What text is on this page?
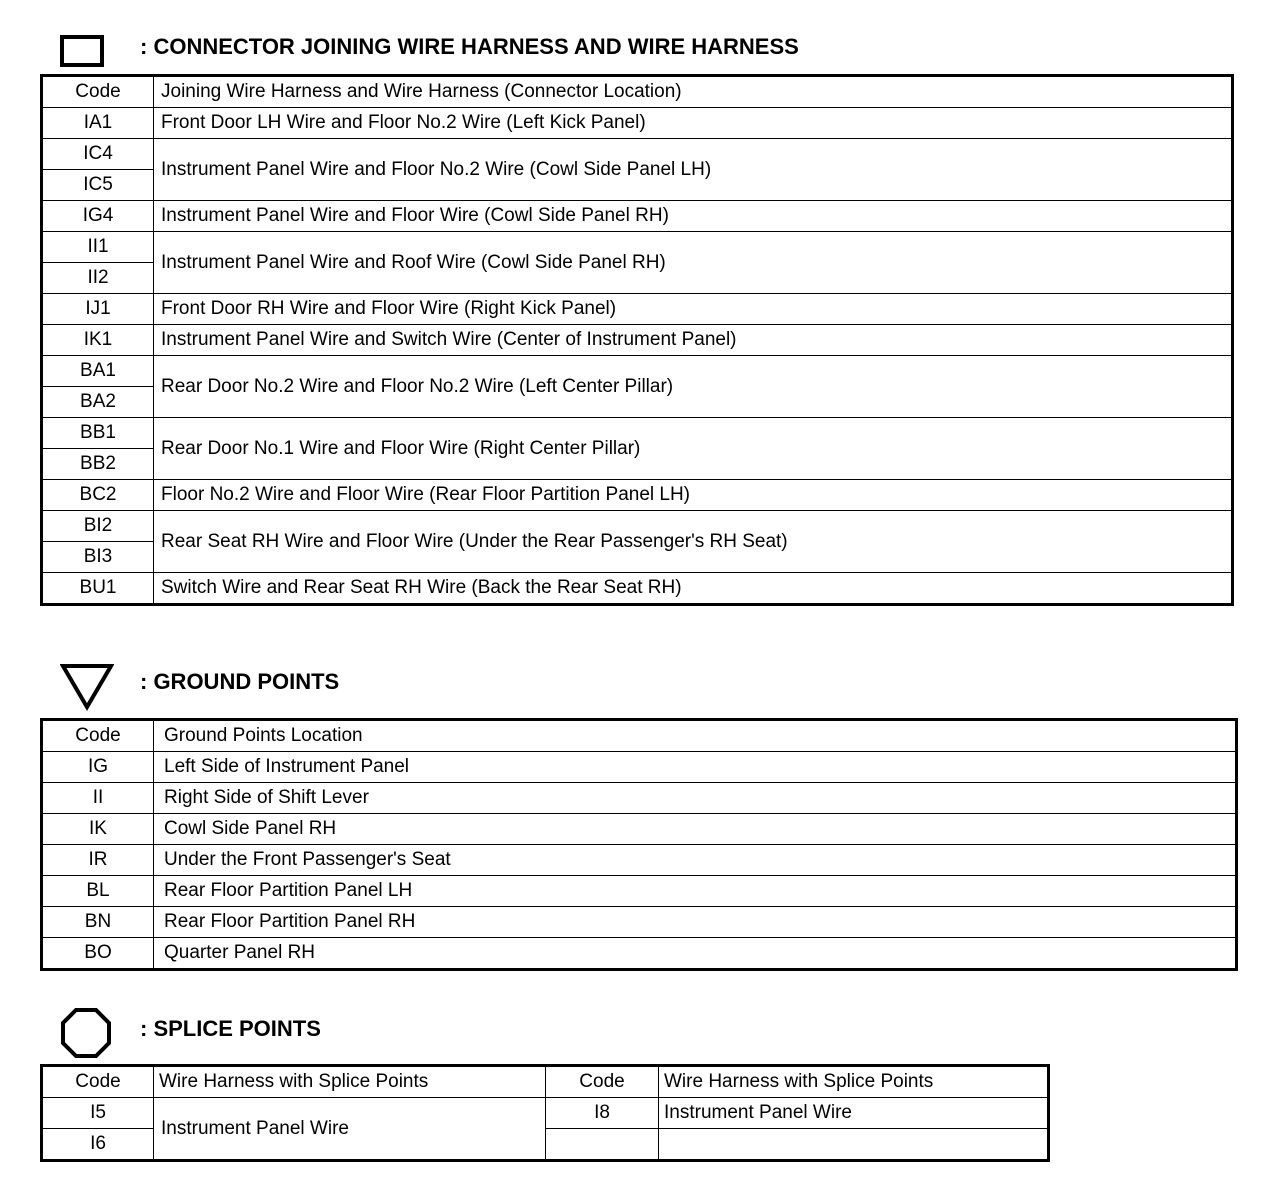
: CONNECTOR JOINING WIRE HARNESS AND WIRE HARNESS
Code	Joining Wire Harness and Wire Harness (Connector Location)
IA1	Front Door LH Wire and Floor No.2 Wire (Left Kick Panel)
IC4	Instrument Panel Wire and Floor No.2 Wire (Cowl Side Panel LH)
IC5	
IG4	Instrument Panel Wire and Floor Wire (Cowl Side Panel RH)
II1	Instrument Panel Wire and Roof Wire (Cowl Side Panel RH)
II2	
IJ1	Front Door RH Wire and Floor Wire (Right Kick Panel)
IK1	Instrument Panel Wire and Switch Wire (Center of Instrument Panel)
BA1	Rear Door No.2 Wire and Floor No.2 Wire (Left Center Pillar)
BA2	
BB1	Rear Door No.1 Wire and Floor Wire (Right Center Pillar)
BB2	
BC2	Floor No.2 Wire and Floor Wire (Rear Floor Partition Panel LH)
BI2	Rear Seat RH Wire and Floor Wire (Under the Rear Passenger's RH Seat)
BI3	
BU1	Switch Wire and Rear Seat RH Wire (Back the Rear Seat RH)
: GROUND POINTS
Code	Ground Points Location
IG	Left Side of Instrument Panel
II	Right Side of Shift Lever
IK	Cowl Side Panel RH
IR	Under the Front Passenger's Seat
BL	Rear Floor Partition Panel LH
BN	Rear Floor Partition Panel RH
BO	Quarter Panel RH
: SPLICE POINTS
Code	Wire Harness with Splice Points	Code	Wire Harness with Splice Points
I5	Instrument Panel Wire	I8	Instrument Panel Wire
I6			
